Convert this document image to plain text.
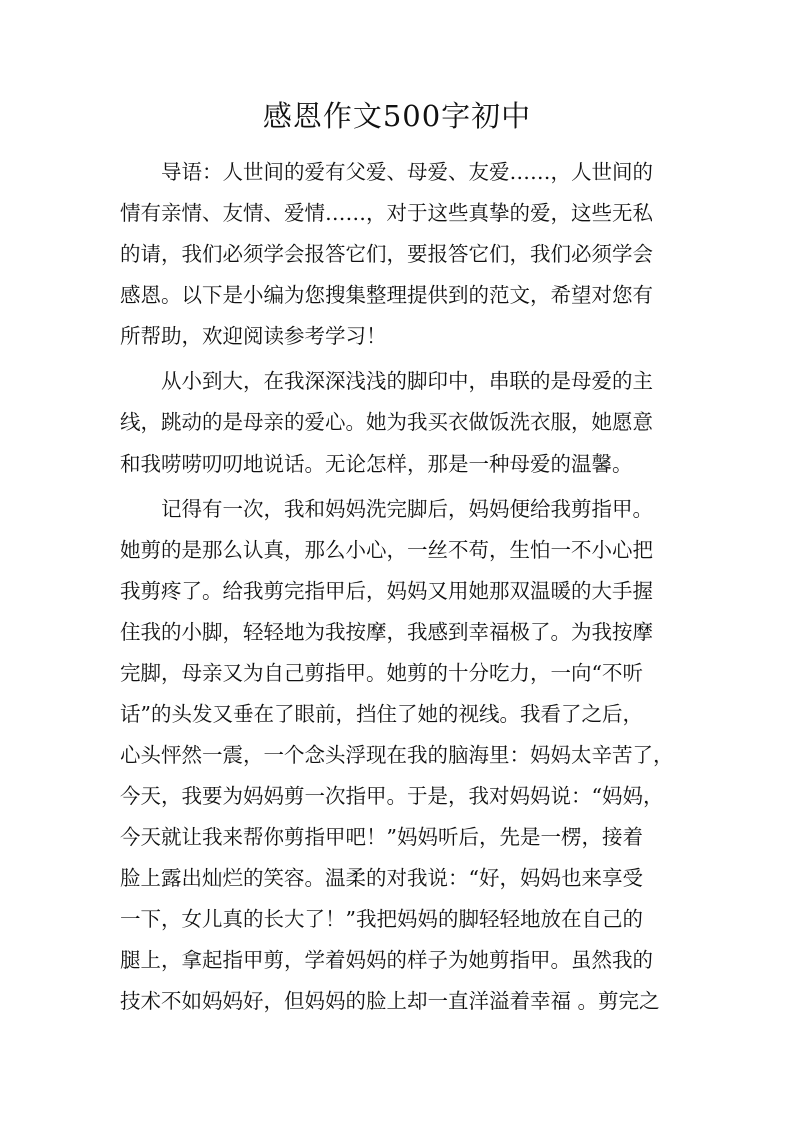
感恩作文500字初中
导语：人世间的爱有父爱、母爱、友爱……，人世间的
情有亲情、友情、爱情……，对于这些真挚的爱，这些无私
的请，我们必须学会报答它们，要报答它们，我们必须学会
感恩。以下是小编为您搜集整理提供到的范文，希望对您有
所帮助，欢迎阅读参考学习！
从小到大，在我深深浅浅的脚印中，串联的是母爱的主
线，跳动的是母亲的爱心。她为我买衣做饭洗衣服，她愿意
和我唠唠叨叨地说话。无论怎样，那是一种母爱的温馨。
记得有一次，我和妈妈洗完脚后，妈妈便给我剪指甲。
她剪的是那么认真，那么小心，一丝不苟，生怕一不小心把
我剪疼了。给我剪完指甲后，妈妈又用她那双温暖的大手握
住我的小脚，轻轻地为我按摩，我感到幸福极了。为我按摩
完脚，母亲又为自己剪指甲。她剪的十分吃力，一向“不听
话”的头发又垂在了眼前，挡住了她的视线。我看了之后，
心头怦然一震，一个念头浮现在我的脑海里：妈妈太辛苦了，
今天，我要为妈妈剪一次指甲。于是，我对妈妈说：“妈妈，
今天就让我来帮你剪指甲吧！”妈妈听后，先是一楞，接着
脸上露出灿烂的笑容。温柔的对我说：“好，妈妈也来享受
一下，女儿真的长大了！”我把妈妈的脚轻轻地放在自己的
腿上，拿起指甲剪，学着妈妈的样子为她剪指甲。虽然我的
技术不如妈妈好，但妈妈的脸上却一直洋溢着幸福 。剪完之
